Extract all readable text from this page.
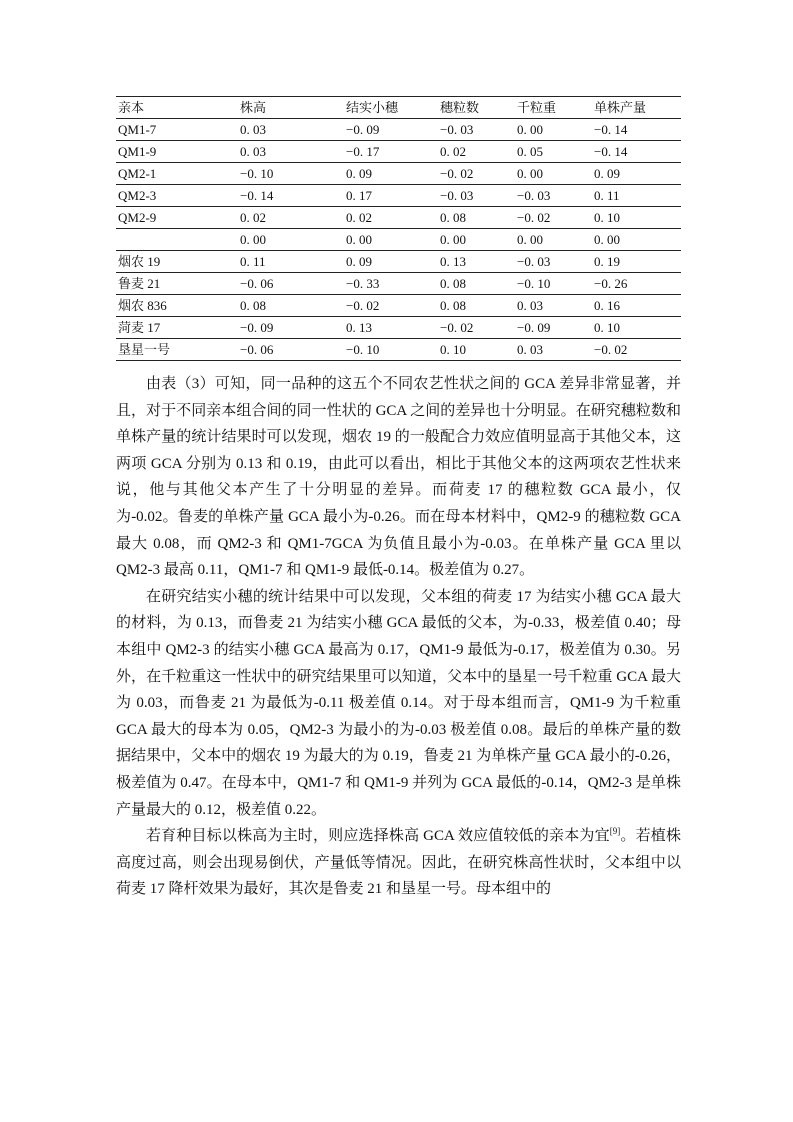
亲本	株高	结实小穗	穗粒数	千粒重	单株产量
QM1-7	0. 03	−0. 09	−0. 03	0. 00	−0. 14
QM1-9	0. 03	−0. 17	0. 02	0. 05	−0. 14
QM2-1	−0. 10	0. 09	−0. 02	0. 00	0. 09
QM2-3	−0. 14	0. 17	−0. 03	−0. 03	0. 11
QM2-9	0. 02	0. 02	0. 08	−0. 02	0. 10
	0. 00	0. 00	0. 00	0. 00	0. 00
烟农 19	0. 11	0. 09	0. 13	−0. 03	0. 19
鲁麦 21	−0. 06	−0. 33	0. 08	−0. 10	−0. 26
烟农 836	0. 08	−0. 02	0. 08	0. 03	0. 16
菏麦 17	−0. 09	0. 13	−0. 02	−0. 09	0. 10
垦星一号	−0. 06	−0. 10	0. 10	0. 03	−0. 02

由表（3）可知，同一品种的这五个不同农艺性状之间的 GCA 差异非常显著，并且，对于不同亲本组合间的同一性状的 GCA 之间的差异也十分明显。在研究穗粒数和单株产量的统计结果时可以发现，烟农 19 的一般配合力效应值明显高于其他父本，这两项 GCA 分别为 0.13 和 0.19，由此可以看出，相比于其他父本的这两项农艺性状来说，他与其他父本产生了十分明显的差异。而荷麦 17 的穗粒数 GCA 最小，仅为-0.02。鲁麦的单株产量 GCA 最小为-0.26。而在母本材料中，QM2-9 的穗粒数 GCA 最大 0.08，而 QM2-3 和 QM1-7GCA 为负值且最小为-0.03。在单株产量 GCA 里以 QM2-3 最高 0.11，QM1-7 和 QM1-9 最低-0.14。极差值为 0.27。

在研究结实小穗的统计结果中可以发现，父本组的荷麦 17 为结实小穗 GCA 最大的材料，为 0.13，而鲁麦 21 为结实小穗 GCA 最低的父本，为-0.33，极差值 0.40；母本组中 QM2-3 的结实小穗 GCA 最高为 0.17，QM1-9 最低为-0.17，极差值为 0.30。另外，在千粒重这一性状中的研究结果里可以知道，父本中的垦星一号千粒重 GCA 最大为 0.03，而鲁麦 21 为最低为-0.11 极差值 0.14。对于母本组而言，QM1-9 为千粒重 GCA 最大的母本为 0.05，QM2-3 为最小的为-0.03 极差值 0.08。最后的单株产量的数据结果中，父本中的烟农 19 为最大的为 0.19，鲁麦 21 为单株产量 GCA 最小的-0.26，极差值为 0.47。在母本中，QM1-7 和 QM1-9 并列为 GCA 最低的-0.14，QM2-3 是单株产量最大的 0.12，极差值 0.22。

若育种目标以株高为主时，则应选择株高 GCA 效应值较低的亲本为宜[9]。若植株高度过高，则会出现易倒伏，产量低等情况。因此，在研究株高性状时，父本组中以荷麦 17 降杆效果为最好，其次是鲁麦 21 和垦星一号。母本组中的
